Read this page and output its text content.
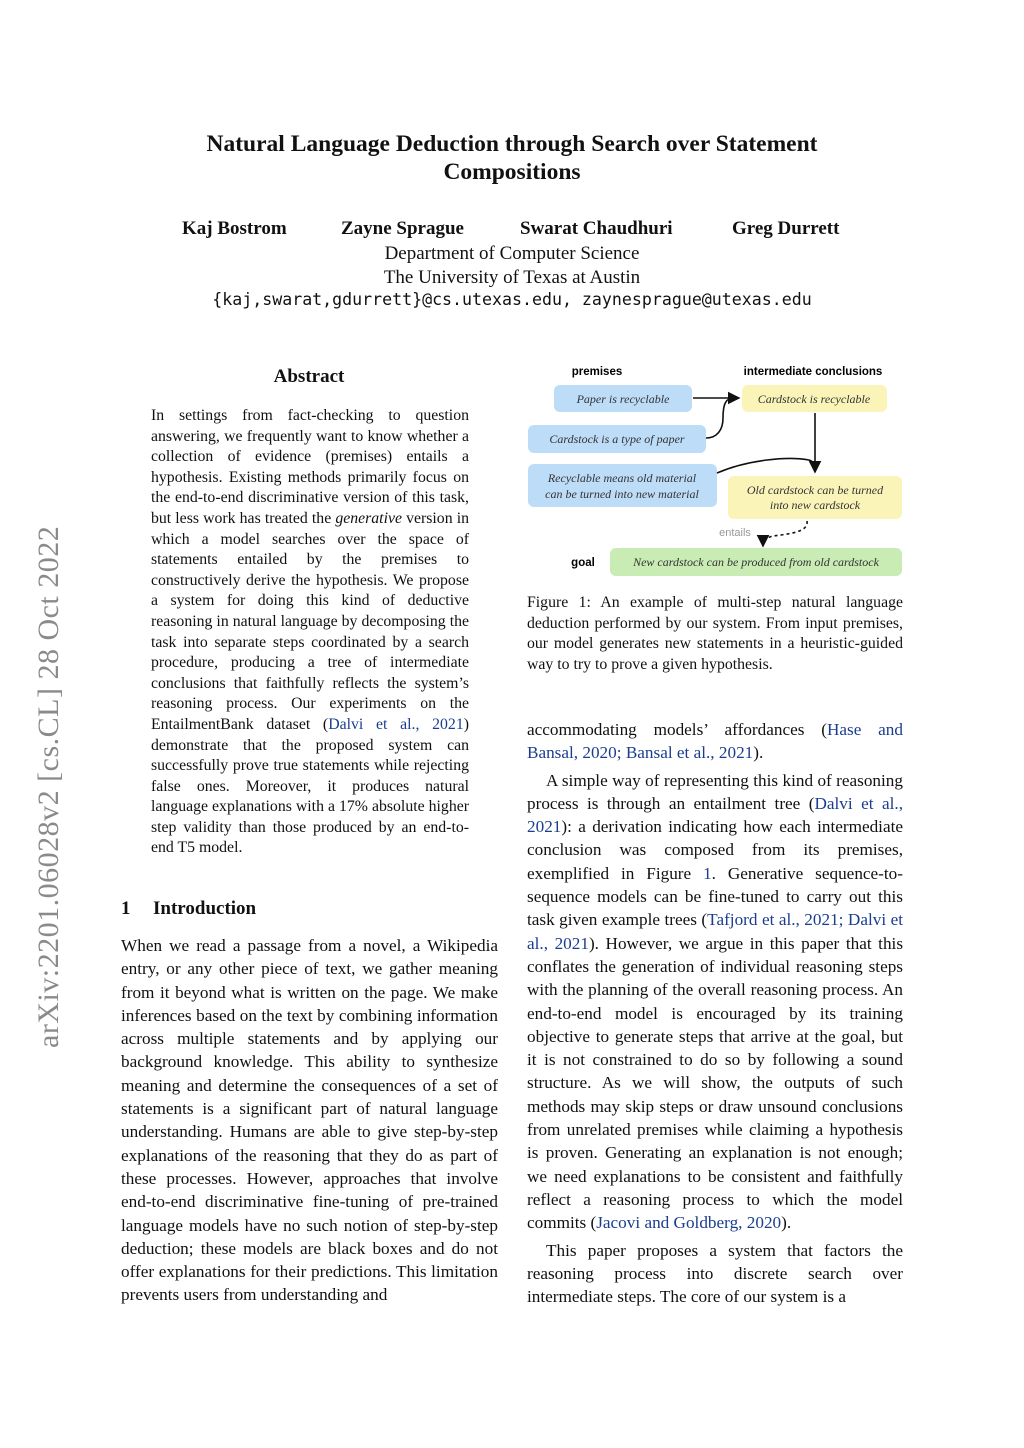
Natural Language Deduction through Search over Statement
Compositions
Kaj Bostrom	Zayne Sprague	Swarat Chaudhuri	Greg Durrett
Department of Computer Science
The University of Texas at Austin
{kaj,swarat,gdurrett}@cs.utexas.edu, zaynesprague@utexas.edu
arXiv:2201.06028v2 [cs.CL] 28 Oct 2022
Abstract
In settings from fact-checking to question answering, we frequently want to know whether a collection of evidence (premises) entails a hypothesis. Existing methods primarily focus on the end-to-end discriminative version of this task, but less work has treated the generative version in which a model searches over the space of statements entailed by the premises to constructively derive the hypothesis. We propose a system for doing this kind of deductive reasoning in natural language by decomposing the task into separate steps coordinated by a search procedure, producing a tree of intermediate conclusions that faithfully reflects the system’s reasoning process. Our experiments on the EntailmentBank dataset (Dalvi et al., 2021) demonstrate that the proposed system can successfully prove true statements while rejecting false ones. Moreover, it produces natural language explanations with a 17% absolute higher step validity than those produced by an end-to-end T5 model.
1 Introduction
When we read a passage from a novel, a Wikipedia entry, or any other piece of text, we gather meaning from it beyond what is written on the page. We make inferences based on the text by combining information across multiple statements and by applying our background knowledge. This ability to synthesize meaning and determine the consequences of a set of statements is a significant part of natural language understanding. Humans are able to give step-by-step explanations of the reasoning that they do as part of these processes. However, approaches that involve end-to-end discriminative fine-tuning of pre-trained language models have no such notion of step-by-step deduction; these models are black boxes and do not offer explanations for their predictions. This limitation prevents users from understanding and
premises	intermediate conclusions
goal
Paper is recyclable
Cardstock is a type of paper
Recyclable means old material
can be turned into new material
Cardstock is recyclable
Old cardstock can be turned
into new cardstock
New cardstock can be produced from old cardstock
entails
Figure 1: An example of multi-step natural language deduction performed by our system. From input premises, our model generates new statements in a heuristic-guided way to try to prove a given hypothesis.

accommodating models’ affordances (Hase and Bansal, 2020; Bansal et al., 2021).

A simple way of representing this kind of reasoning process is through an entailment tree (Dalvi et al., 2021): a derivation indicating how each intermediate conclusion was composed from its premises, exemplified in Figure 1. Generative sequence-to-sequence models can be fine-tuned to carry out this task given example trees (Tafjord et al., 2021; Dalvi et al., 2021). However, we argue in this paper that this conflates the generation of individual reasoning steps with the planning of the overall reasoning process. An end-to-end model is encouraged by its training objective to generate steps that arrive at the goal, but it is not constrained to do so by following a sound structure. As we will show, the outputs of such methods may skip steps or draw unsound conclusions from unrelated premises while claiming a hypothesis is proven. Generating an explanation is not enough; we need explanations to be consistent and faithfully reflect a reasoning process to which the model commits (Jacovi and Goldberg, 2020).

This paper proposes a system that factors the reasoning process into discrete search over intermediate steps. The core of our system is a
